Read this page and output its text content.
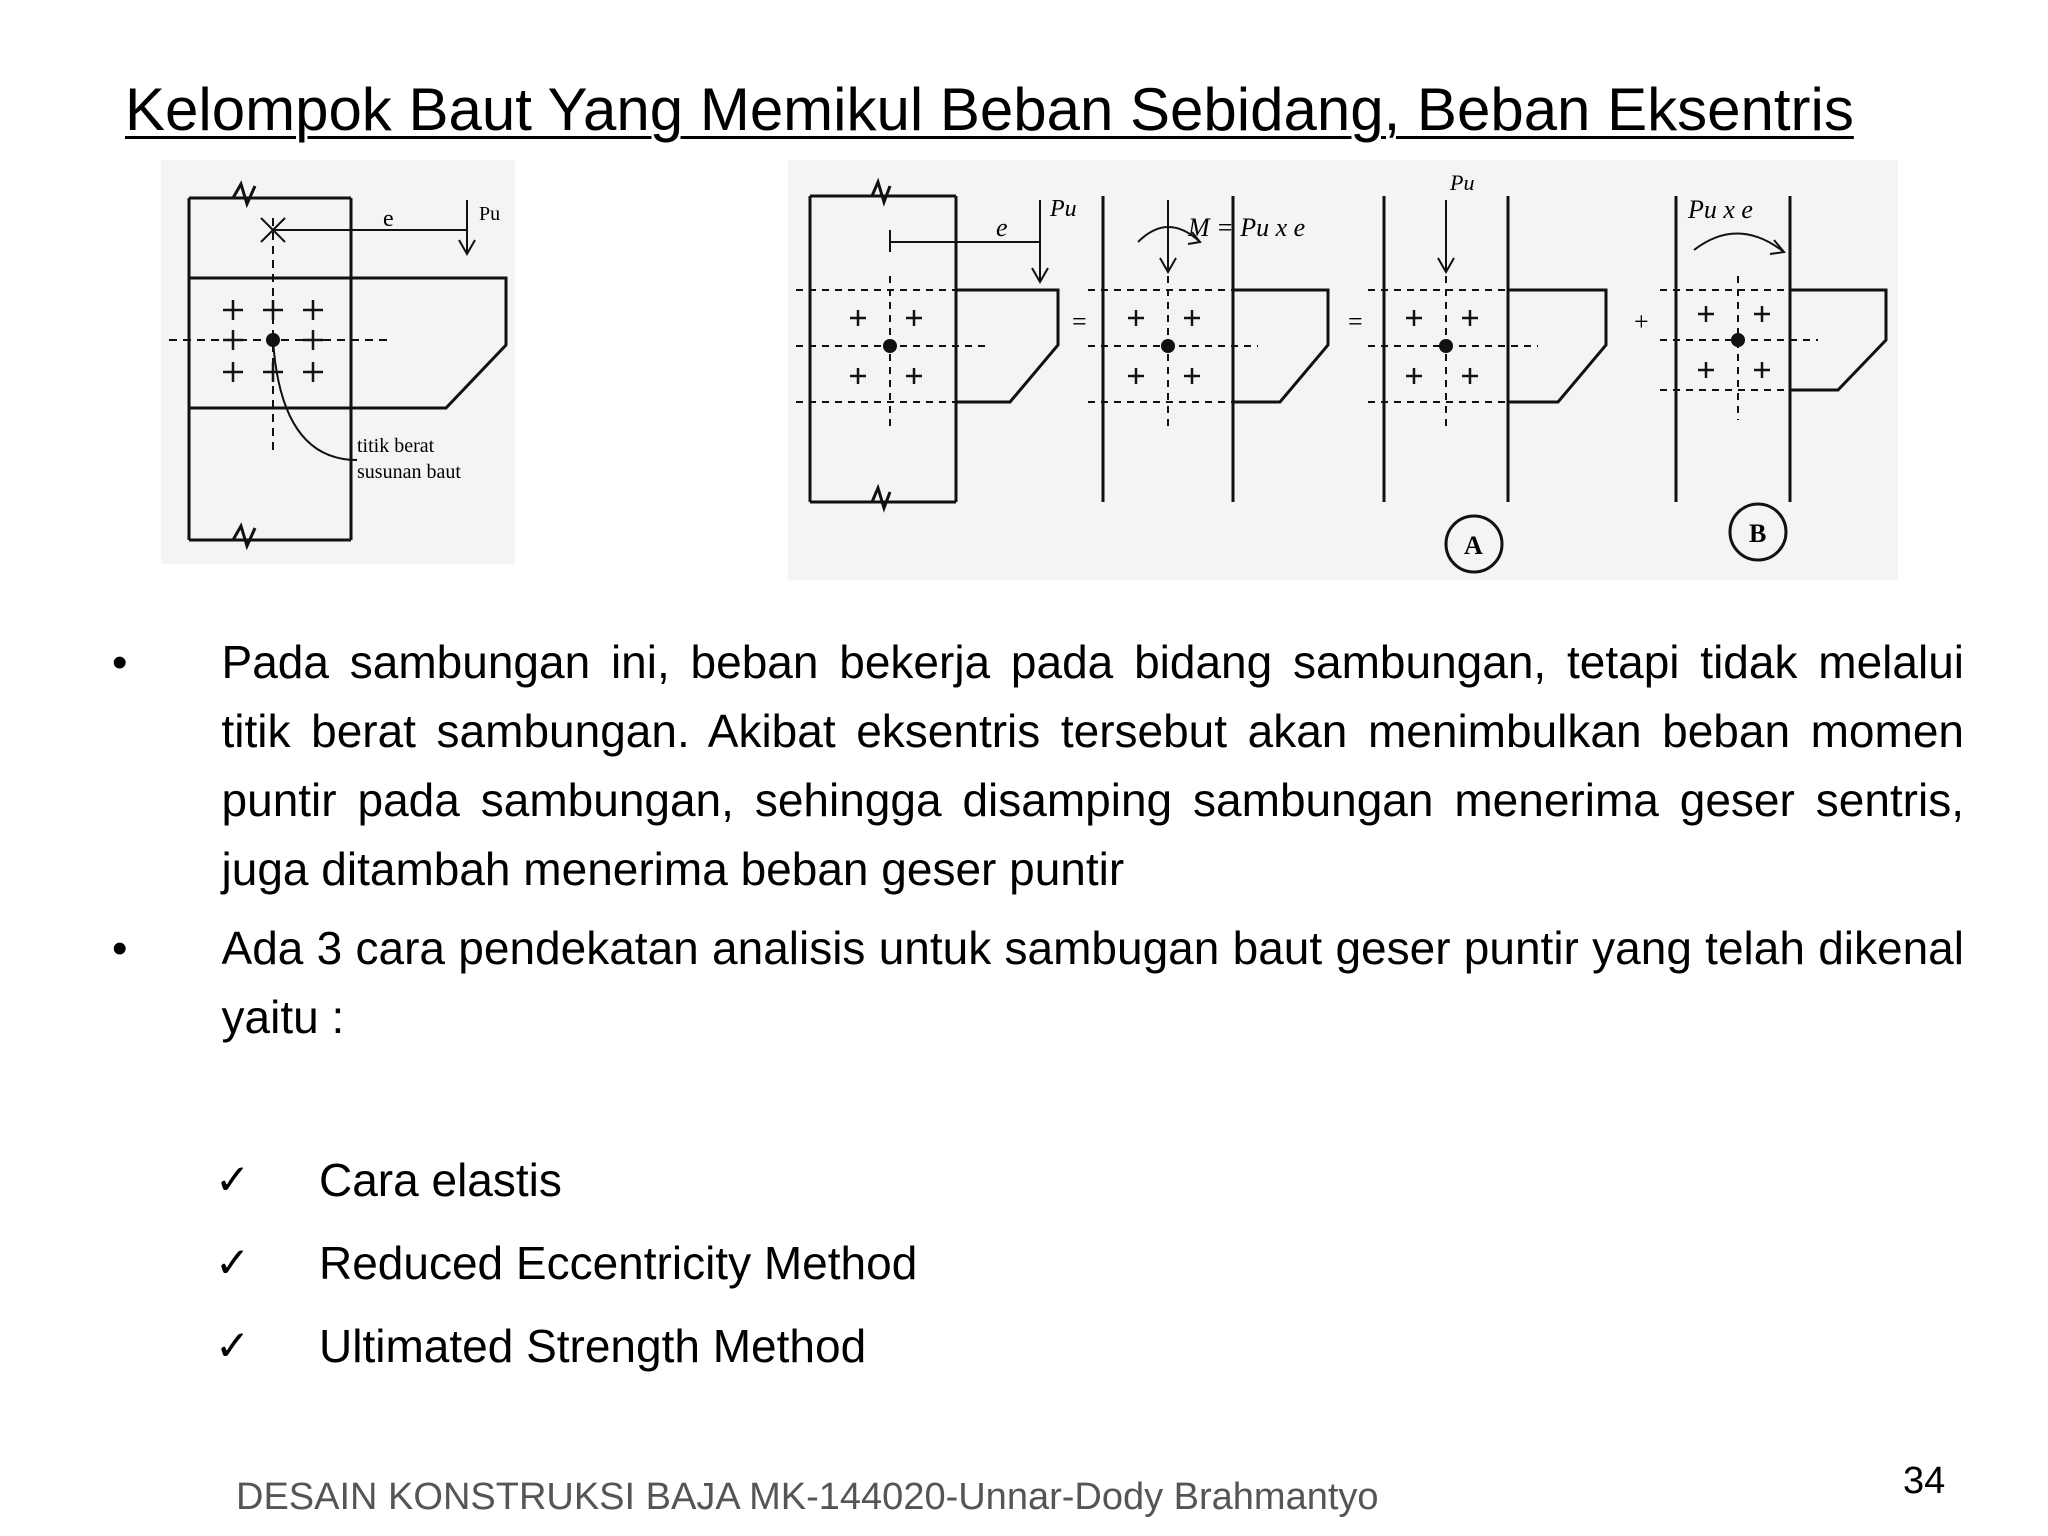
Kelompok Baut Yang Memikul Beban Sebidang, Beban Eksentris
e	Pu
titik berat
susunan baut
e
Pu
M = Pu x e
Pu
Pu x e
=	=	+
A	B
•	Pada sambungan ini, beban bekerja pada bidang sambungan, tetapi tidak melalui titik berat sambungan. Akibat eksentris tersebut akan menimbulkan beban momen puntir pada sambungan, sehingga disamping sambungan menerima geser sentris, juga ditambah menerima beban geser puntir
•	Ada 3 cara pendekatan analisis untuk sambugan baut geser puntir yang telah dikenal yaitu :
✓	Cara elastis
✓	Reduced Eccentricity Method
✓	Ultimated Strength Method
DESAIN KONSTRUKSI BAJA MK-144020-Unnar-Dody Brahmantyo	34
